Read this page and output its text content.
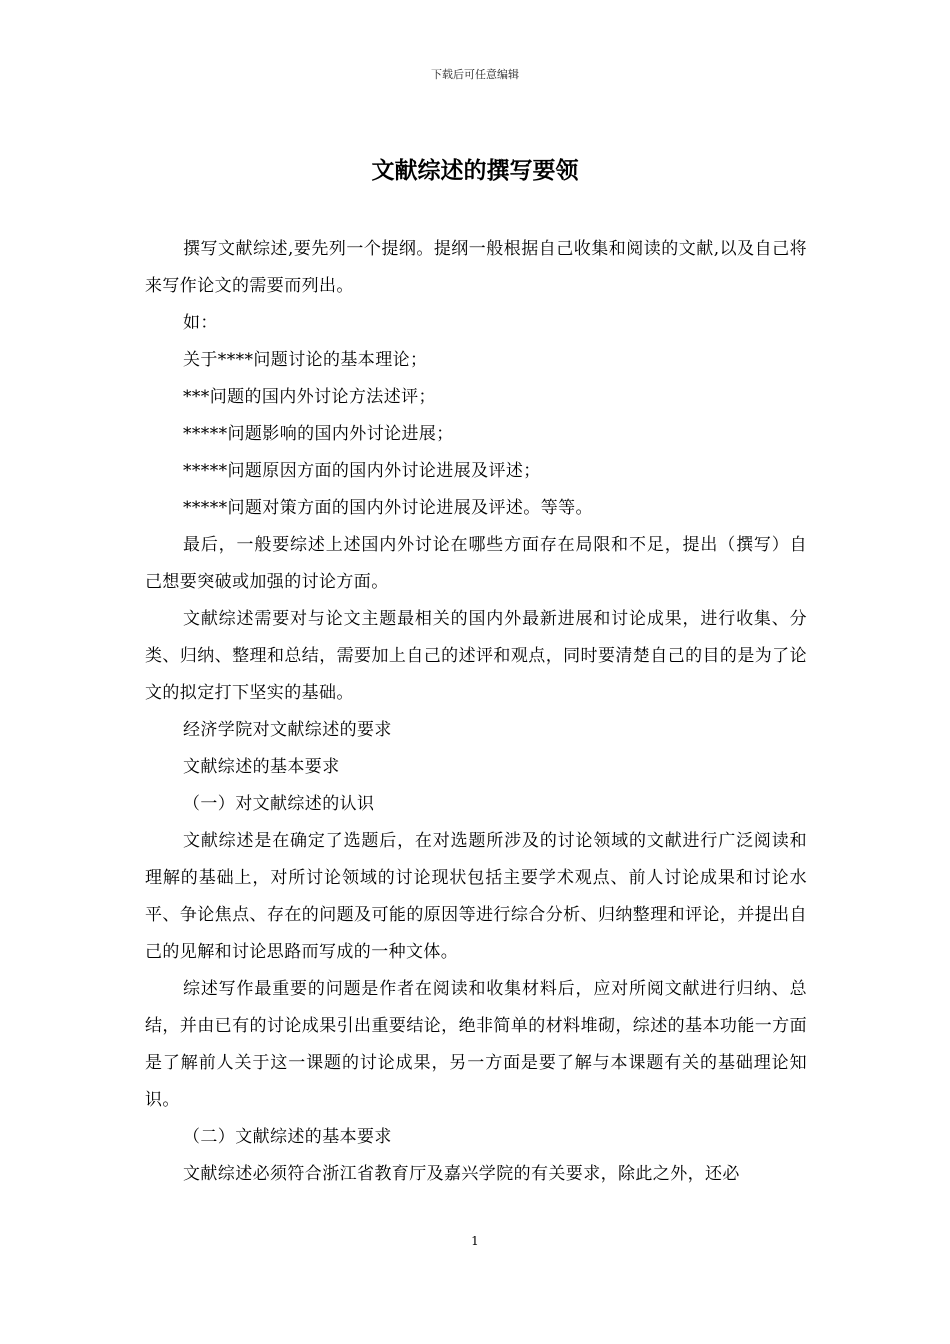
下载后可任意编辑
文献综述的撰写要领

撰写文献综述,要先列一个提纲。提纲一般根据自己收集和阅读的文献,以及自己将来写作论文的需要而列出。

如：

关于****问题讨论的基本理论；

***问题的国内外讨论方法述评；

*****问题影响的国内外讨论进展；

*****问题原因方面的国内外讨论进展及评述；

*****问题对策方面的国内外讨论进展及评述。等等。

最后，一般要综述上述国内外讨论在哪些方面存在局限和不足，提出（撰写）自己想要突破或加强的讨论方面。

文献综述需要对与论文主题最相关的国内外最新进展和讨论成果，进行收集、分类、归纳、整理和总结，需要加上自己的述评和观点，同时要清楚自己的目的是为了论文的拟定打下坚实的基础。

经济学院对文献综述的要求

文献综述的基本要求

（一）对文献综述的认识

文献综述是在确定了选题后，在对选题所涉及的讨论领域的文献进行广泛阅读和理解的基础上，对所讨论领域的讨论现状包括主要学术观点、前人讨论成果和讨论水平、争论焦点、存在的问题及可能的原因等进行综合分析、归纳整理和评论，并提出自己的见解和讨论思路而写成的一种文体。

综述写作最重要的问题是作者在阅读和收集材料后，应对所阅文献进行归纳、总结，并由已有的讨论成果引出重要结论，绝非简单的材料堆砌，综述的基本功能一方面是了解前人关于这一课题的讨论成果，另一方面是要了解与本课题有关的基础理论知识。

（二）文献综述的基本要求

文献综述必须符合浙江省教育厅及嘉兴学院的有关要求，除此之外，还必

1
